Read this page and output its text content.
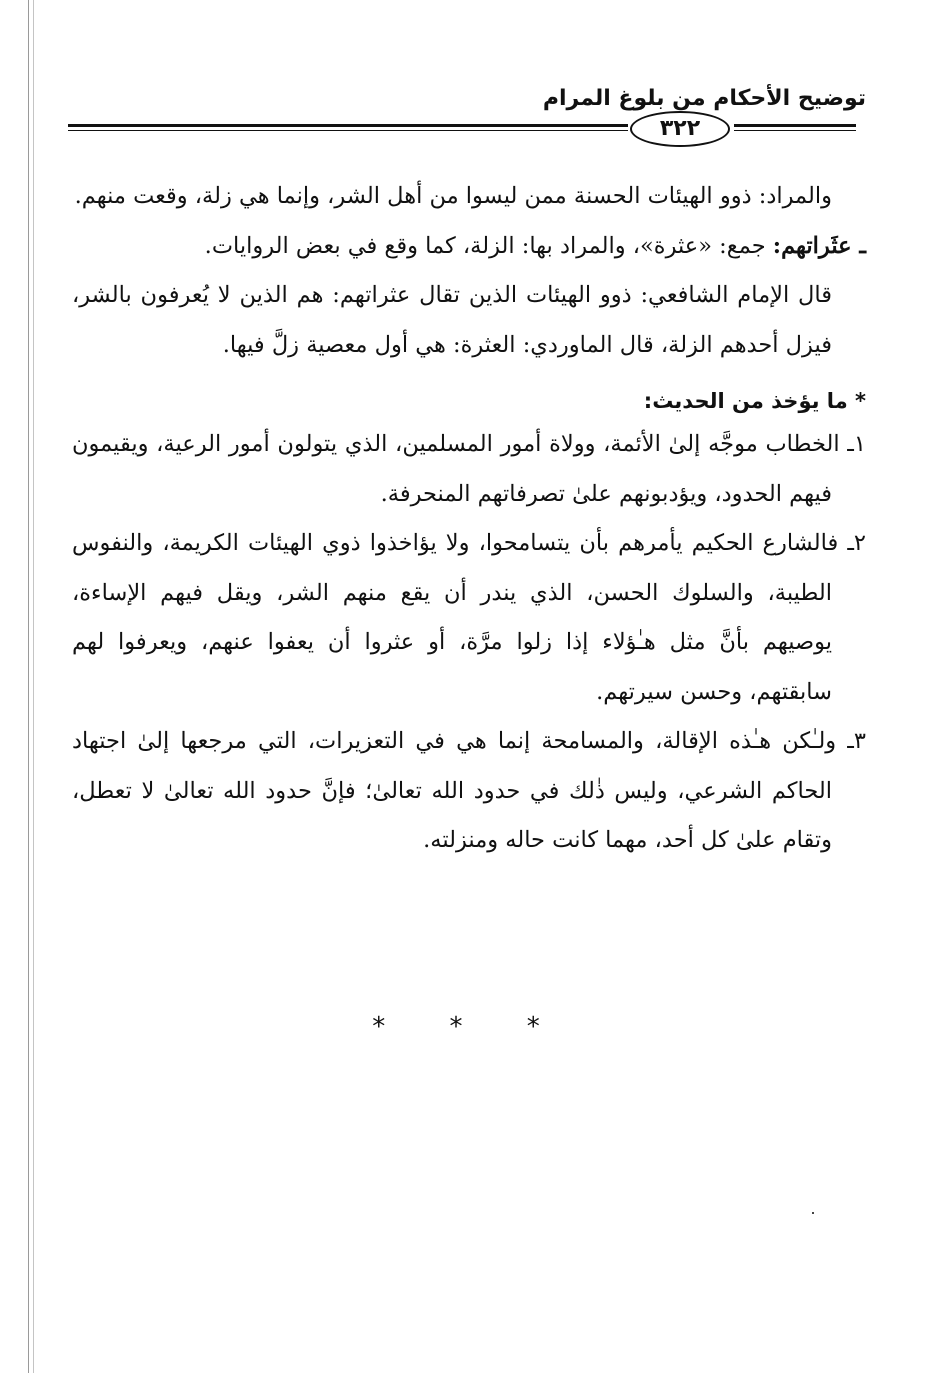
توضيح الأحكام من بلوغ المرام
٣٢٢

والمراد: ذوو الهيئات الحسنة ممن ليسوا من أهل الشر، وإنما هي زلة، وقعت منهم.

ـ عثَراتهم: جمع: «عثرة»، والمراد بها: الزلة، كما وقع في بعض الروايات.

قال الإمام الشافعي: ذوو الهيئات الذين تقال عثراتهم: هم الذين لا يُعرفون بالشر، فيزل أحدهم الزلة، قال الماوردي: العثرة: هي أول معصية زلَّ فيها.

* ما يؤخذ من الحديث:

١ـ الخطاب موجَّه إلىٰ الأئمة، وولاة أمور المسلمين، الذي يتولون أمور الرعية، ويقيمون فيهم الحدود، ويؤدبونهم علىٰ تصرفاتهم المنحرفة.

٢ـ فالشارع الحكيم يأمرهم بأن يتسامحوا، ولا يؤاخذوا ذوي الهيئات الكريمة، والنفوس الطيبة، والسلوك الحسن، الذي يندر أن يقع منهم الشر، ويقل فيهم الإساءة، يوصيهم بأنَّ مثل هـٰؤلاء إذا زلوا مرَّة، أو عثروا أن يعفوا عنهم، ويعرفوا لهم سابقتهم، وحسن سيرتهم.

٣ـ ولـٰكن هـٰذه الإقالة، والمسامحة إنما هي في التعزيرات، التي مرجعها إلىٰ اجتهاد الحاكم الشرعي، وليس ذٰلك في حدود الله تعالىٰ؛ فإنَّ حدود الله تعالىٰ لا تعطل، وتقام علىٰ كل أحد، مهما كانت حاله ومنزلته.

* * *
